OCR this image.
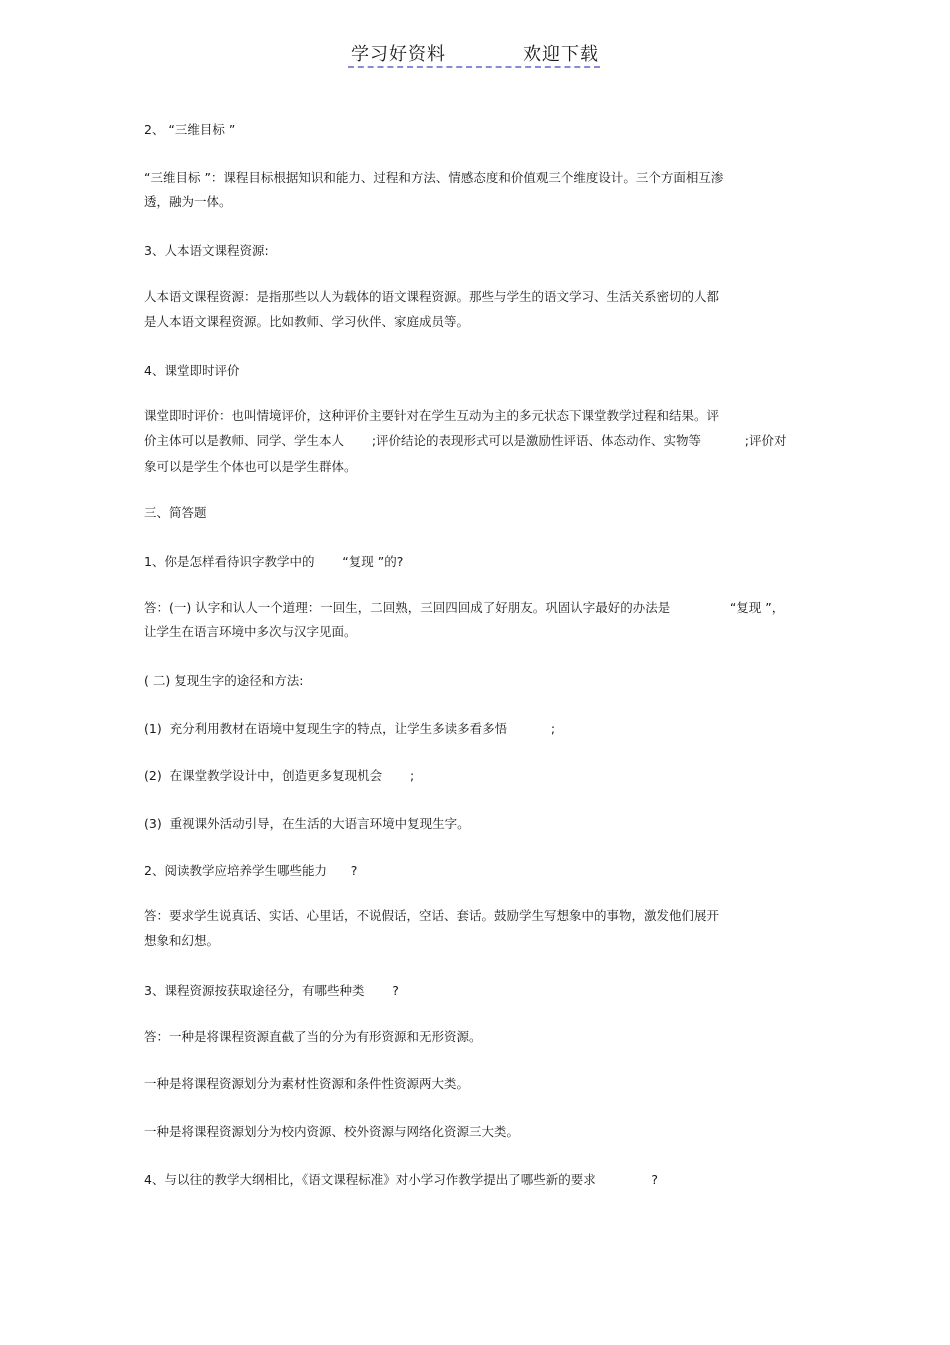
学习好资料	欢迎下载
2、 “三维目标 ”
“三维目标 ”：课程目标根据知识和能力、过程和方法、情感态度和价值观三个维度设计。三个方面相互渗
透，融为一体。
3、人本语文课程资源:
人本语文课程资源：是指那些以人为载体的语文课程资源。那些与学生的语文学习、生活关系密切的人都
是人本语文课程资源。比如教师、学习伙伴、家庭成员等。
4、课堂即时评价
课堂即时评价：也叫情境评价，这种评价主要针对在学生互动为主的多元状态下课堂教学过程和结果。评
价主体可以是教师、同学、学生本人       ;评价结论的表现形式可以是激励性评语、体态动作、实物等           ;评价对
象可以是学生个体也可以是学生群体。
三、简答题
1、你是怎样看待识字教学中的       “复现 ”的?
答：(一) 认字和认人一个道理：一回生，二回熟，三回四回成了好朋友。巩固认字最好的办法是               “复现 ”，
让学生在语言环境中多次与汉字见面。
( 二) 复现生字的途径和方法:
(1)  充分利用教材在语境中复现生字的特点，让学生多读多看多悟           ;
(2)  在课堂教学设计中，创造更多复现机会       ;
(3)  重视课外活动引导，在生活的大语言环境中复现生字。
2、阅读教学应培养学生哪些能力      ?
答：要求学生说真话、实话、心里话，不说假话，空话、套话。鼓励学生写想象中的事物，激发他们展开
想象和幻想。
3、课程资源按获取途径分，有哪些种类       ?
答：一种是将课程资源直截了当的分为有形资源和无形资源。
一种是将课程资源划分为素材性资源和条件性资源两大类。
一种是将课程资源划分为校内资源、校外资源与网络化资源三大类。
4、与以往的教学大纲相比，《语文课程标准》对小学习作教学提出了哪些新的要求              ?
